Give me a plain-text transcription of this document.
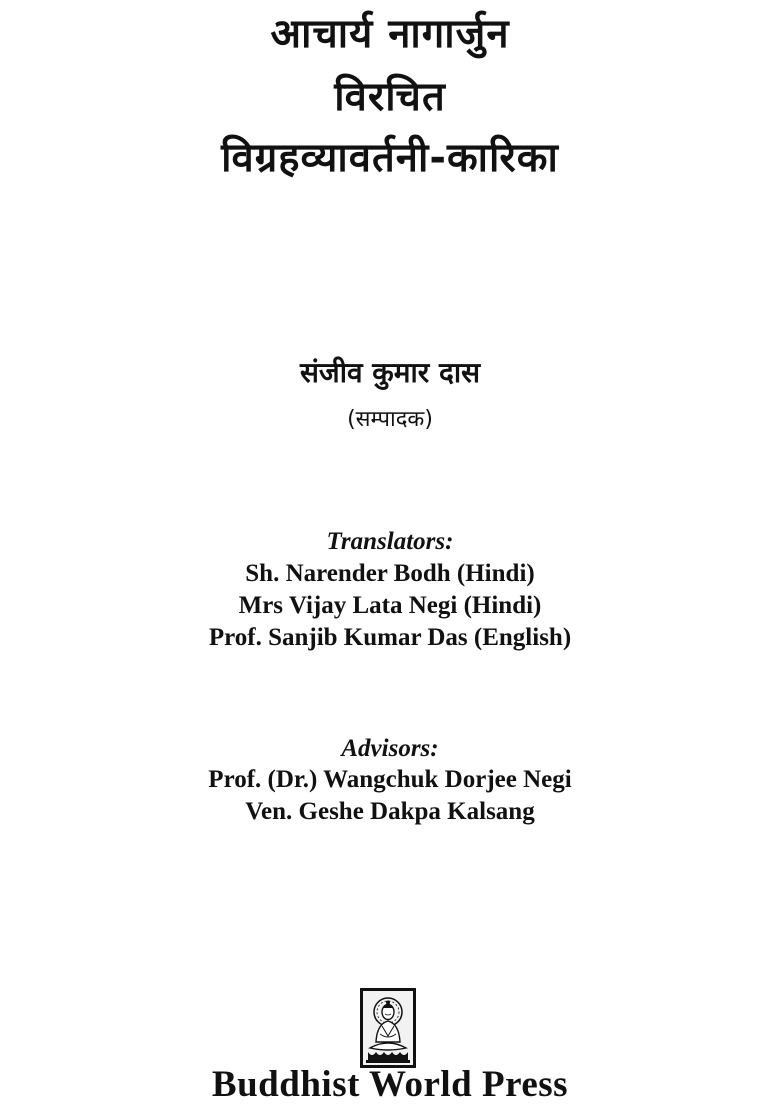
आचार्य नागार्जुन
विरचित
विग्रहव्यावर्तनी-कारिका
संजीव कुमार दास
(सम्पादक)
Translators:
Sh. Narender Bodh (Hindi)
Mrs Vijay Lata Negi (Hindi)
Prof. Sanjib Kumar Das (English)
Advisors:
Prof. (Dr.) Wangchuk Dorjee Negi
Ven. Geshe Dakpa Kalsang
Buddhist World Press
